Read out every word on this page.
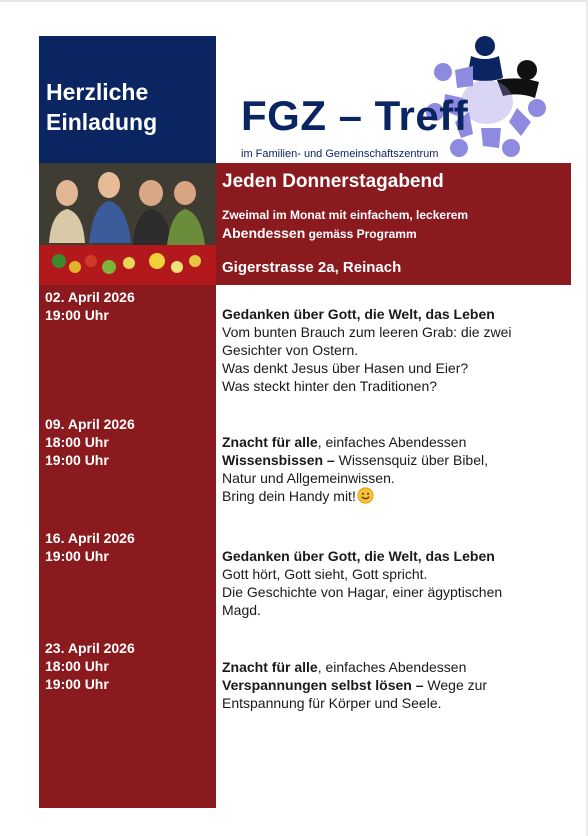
Herzliche
Einladung	FGZ – Treff
im Familien- und Gemeinschaftszentrum
Jeden Donnerstagabend
Zweimal im Monat mit einfachem, leckerem
Abendessen gemäss Programm
Gigerstrasse 2a, Reinach
02. April 2026
19:00 Uhr	Gedanken über Gott, die Welt, das Leben
Vom bunten Brauch zum leeren Grab: die zwei
Gesichter von Ostern.
Was denkt Jesus über Hasen und Eier?
Was steckt hinter den Traditionen?
09. April 2026
18:00 Uhr
19:00 Uhr
Znacht für alle, einfaches Abendessen
Wissensbissen – Wissensquiz über Bibel,
Natur und Allgemeinwissen.
Bring dein Handy mit!
16. April 2026
19:00 Uhr	Gedanken über Gott, die Welt, das Leben
Gott hört, Gott sieht, Gott spricht.
Die Geschichte von Hagar, einer ägyptischen
Magd.
23. April 2026
18:00 Uhr
19:00 Uhr
Znacht für alle, einfaches Abendessen
Verspannungen selbst lösen – Wege zur
Entspannung für Körper und Seele.
